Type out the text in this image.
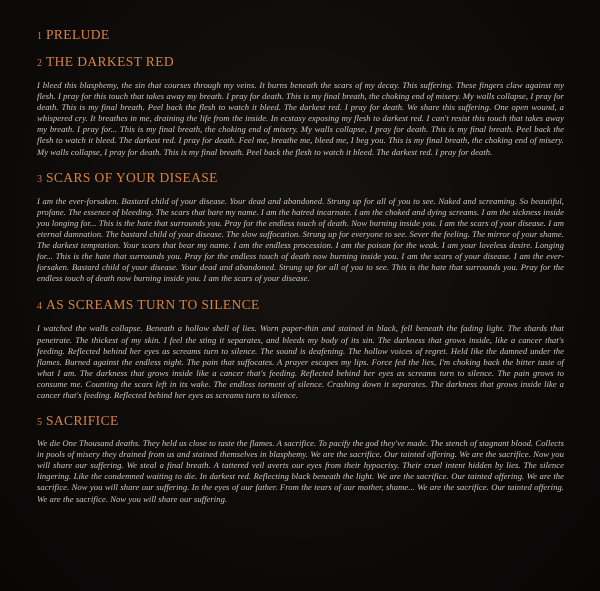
1 PRELUDE
2 THE DARKEST RED

I bleed this blasphemy, the sin that courses through my veins. It burns beneath the scars of my decay. This suffering. These fingers claw against my flesh. I pray for this touch that takes away my breath. I pray for death. This is my final breath, the choking end of misery. My walls collapse, I pray for death. This is my final breath. Peel back the flesh to watch it bleed. The darkest red. I pray for death. We share this suffering. One open wound, a whispered cry. It breathes in me, draining the life from the inside. In ecstasy exposing my flesh to darkest red. I can't resist this touch that takes away my breath. I pray for... This is my final breath, the choking end of misery. My walls collapse, I pray for death. This is my final breath. Peel back the flesh to watch it bleed. The darkest red. I pray for death. Feel me, breathe me, bleed me, I beg you. This is my final breath, the choking end of misery. My walls collapse, I pray for death. This is my final breath. Peel back the flesh to watch it bleed. The darkest red. I pray for death.

3 SCARS OF YOUR DISEASE

I am the ever-forsaken. Bastard child of your disease. Your dead and abandoned. Strung up for all of you to see. Naked and screaming. So beautiful, profane. The essence of bleeding. The scars that bare my name. I am the hatred incarnate. I am the choked and dying screams. I am the sickness inside you longing for... This is the hate that surrounds you. Pray for the endless touch of death. Now burning inside you. I am the scars of your disease. I am eternal damnation. The bastard child of your disease. The slow suffocation. Strung up for everyone to see. Sever the feeling. The mirror of your shame. The darkest temptation. Your scars that bear my name. I am the endless procession. I am the poison for the weak. I am your loveless desire. Longing for... This is the hate that surrounds you. Pray for the endless touch of death now burning inside you. I am the scars of your disease. I am the ever-forsaken. Bastard child of your disease. Your dead and abandoned. Strung up for all of you to see. This is the hate that surrounds you. Pray for the endless touch of death now burning inside you. I am the scars of your disease.

4 AS SCREAMS TURN TO SILENCE

I watched the walls collapse. Beneath a hollow shell of lies. Worn paper-thin and stained in black, fell beneath the fading light. The shards that penetrate. The thickest of my skin. I feel the sting it separates, and bleeds my body of its sin. The darkness that grows inside, like a cancer that's feeding. Reflected behind her eyes as screams turn to silence. The sound is deafening. The hollow voices of regret. Held like the damned under the flames. Burned against the endless night. The pain that suffocates. A prayer escapes my lips. Force fed the lies, I'm choking back the bitter taste of what I am. The darkness that grows inside like a cancer that's feeding. Reflected behind her eyes as screams turn to silence. The pain grows to consume me. Counting the scars left in its wake. The endless torment of silence. Crashing down it separates. The darkness that grows inside like a cancer that's feeding. Reflected behind her eyes as screams turn to silence.

5 SACRIFICE

We die One Thousand deaths. They held us close to taste the flames. A sacrifice. To pacify the god they've made. The stench of stagnant blood. Collects in pools of misery they drained from us and stained themselves in blasphemy. We are the sacrifice. Our tainted offering. We are the sacrifice. Now you will share our suffering. We steal a final breath. A tattered veil averts our eyes from their hypocrisy. Their cruel intent hidden by lies. The silence lingering. Like the condemned waiting to die. In darkest red. Reflecting black beneath the light. We are the sacrifice. Our tainted offering. We are the sacrifice. Now you will share our suffering. In the eyes of our father. From the tears of our mother, shame... We are the sacrifice. Our tainted offering. We are the sacrifice. Now you will share our suffering.
